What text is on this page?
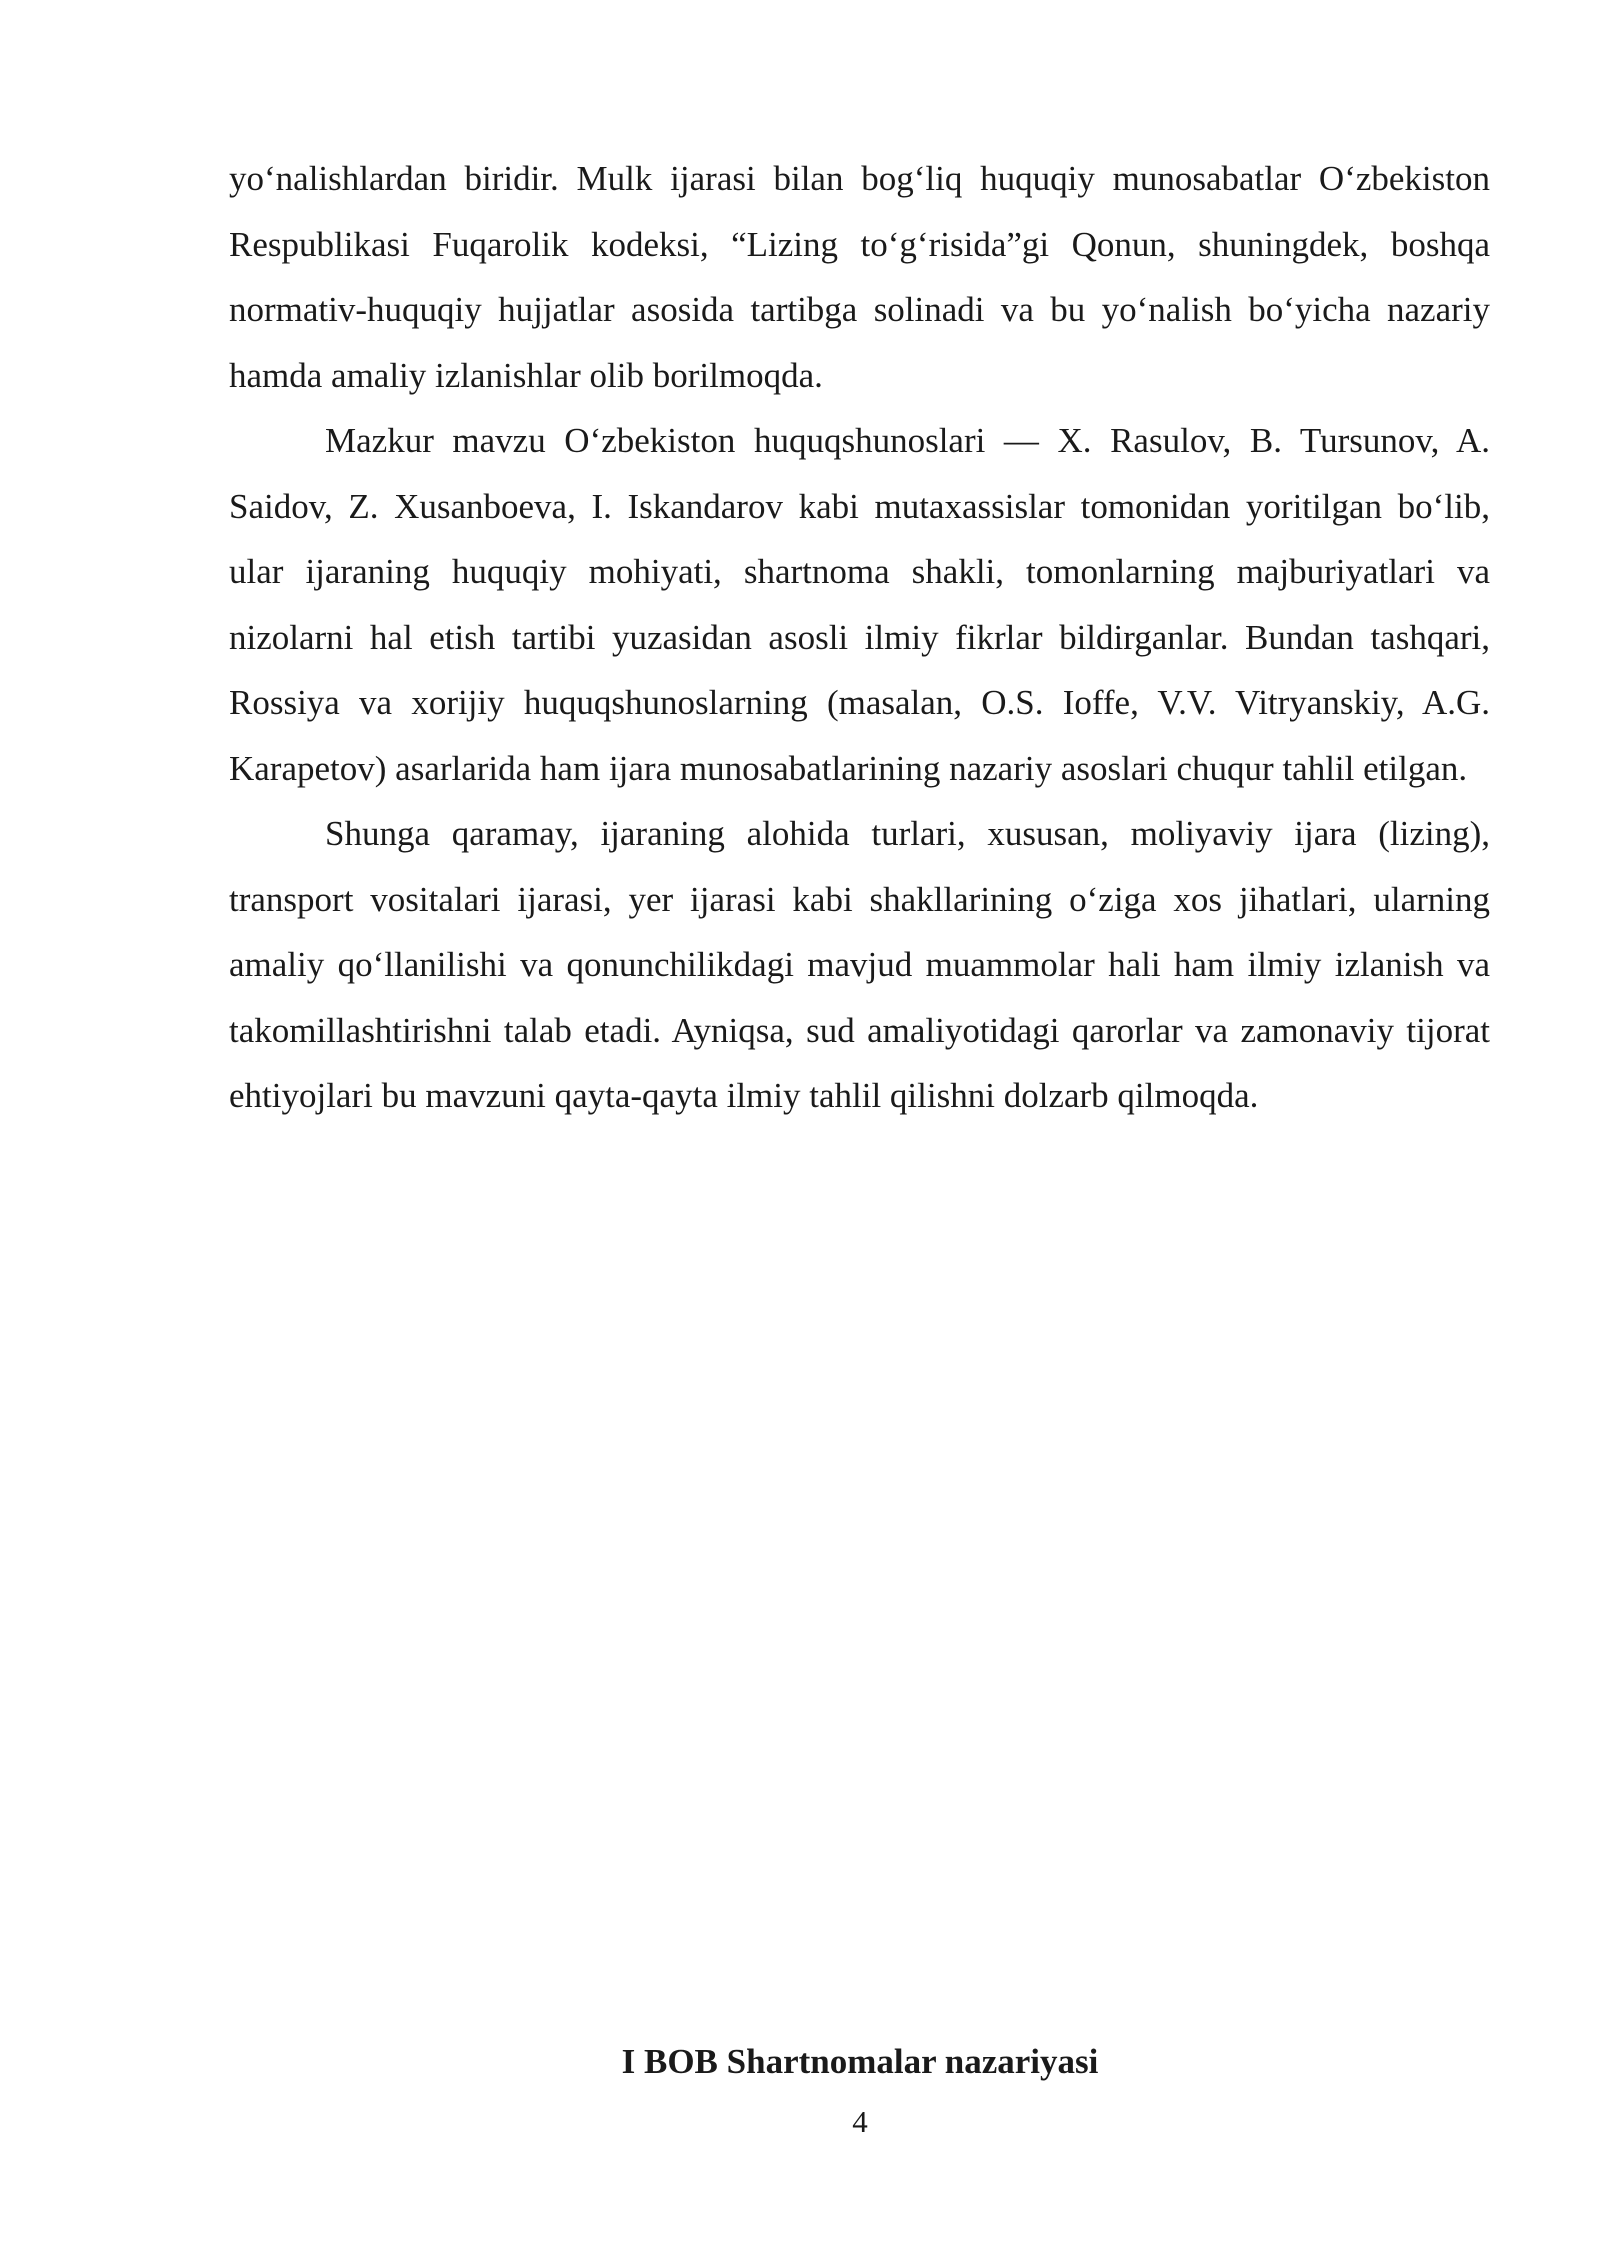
yo‘nalishlardan biridir. Mulk ijarasi bilan bog‘liq huquqiy munosabatlar O‘zbekiston Respublikasi Fuqarolik kodeksi, “Lizing to‘g‘risida”gi Qonun, shuningdek, boshqa normativ-huquqiy hujjatlar asosida tartibga solinadi va bu yo‘nalish bo‘yicha nazariy hamda amaliy izlanishlar olib borilmoqda.

Mazkur mavzu O‘zbekiston huquqshunoslari — X. Rasulov, B. Tursunov, A. Saidov, Z. Xusanboeva, I. Iskandarov kabi mutaxassislar tomonidan yoritilgan bo‘lib, ular ijaraning huquqiy mohiyati, shartnoma shakli, tomonlarning majburiyatlari va nizolarni hal etish tartibi yuzasidan asosli ilmiy fikrlar bildirganlar. Bundan tashqari, Rossiya va xorijiy huquqshunoslarning (masalan, O.S. Ioffe, V.V. Vitryanskiy, A.G. Karapetov) asarlarida ham ijara munosabatlarining nazariy asoslari chuqur tahlil etilgan.

Shunga qaramay, ijaraning alohida turlari, xususan, moliyaviy ijara (lizing), transport vositalari ijarasi, yer ijarasi kabi shakllarining o‘ziga xos jihatlari, ularning amaliy qo‘llanilishi va qonunchilikdagi mavjud muammolar hali ham ilmiy izlanish va takomillashtirishni talab etadi. Ayniqsa, sud amaliyotidagi qarorlar va zamonaviy tijorat ehtiyojlari bu mavzuni qayta-qayta ilmiy tahlil qilishni dolzarb qilmoqda.

I BOB Shartnomalar nazariyasi
4
